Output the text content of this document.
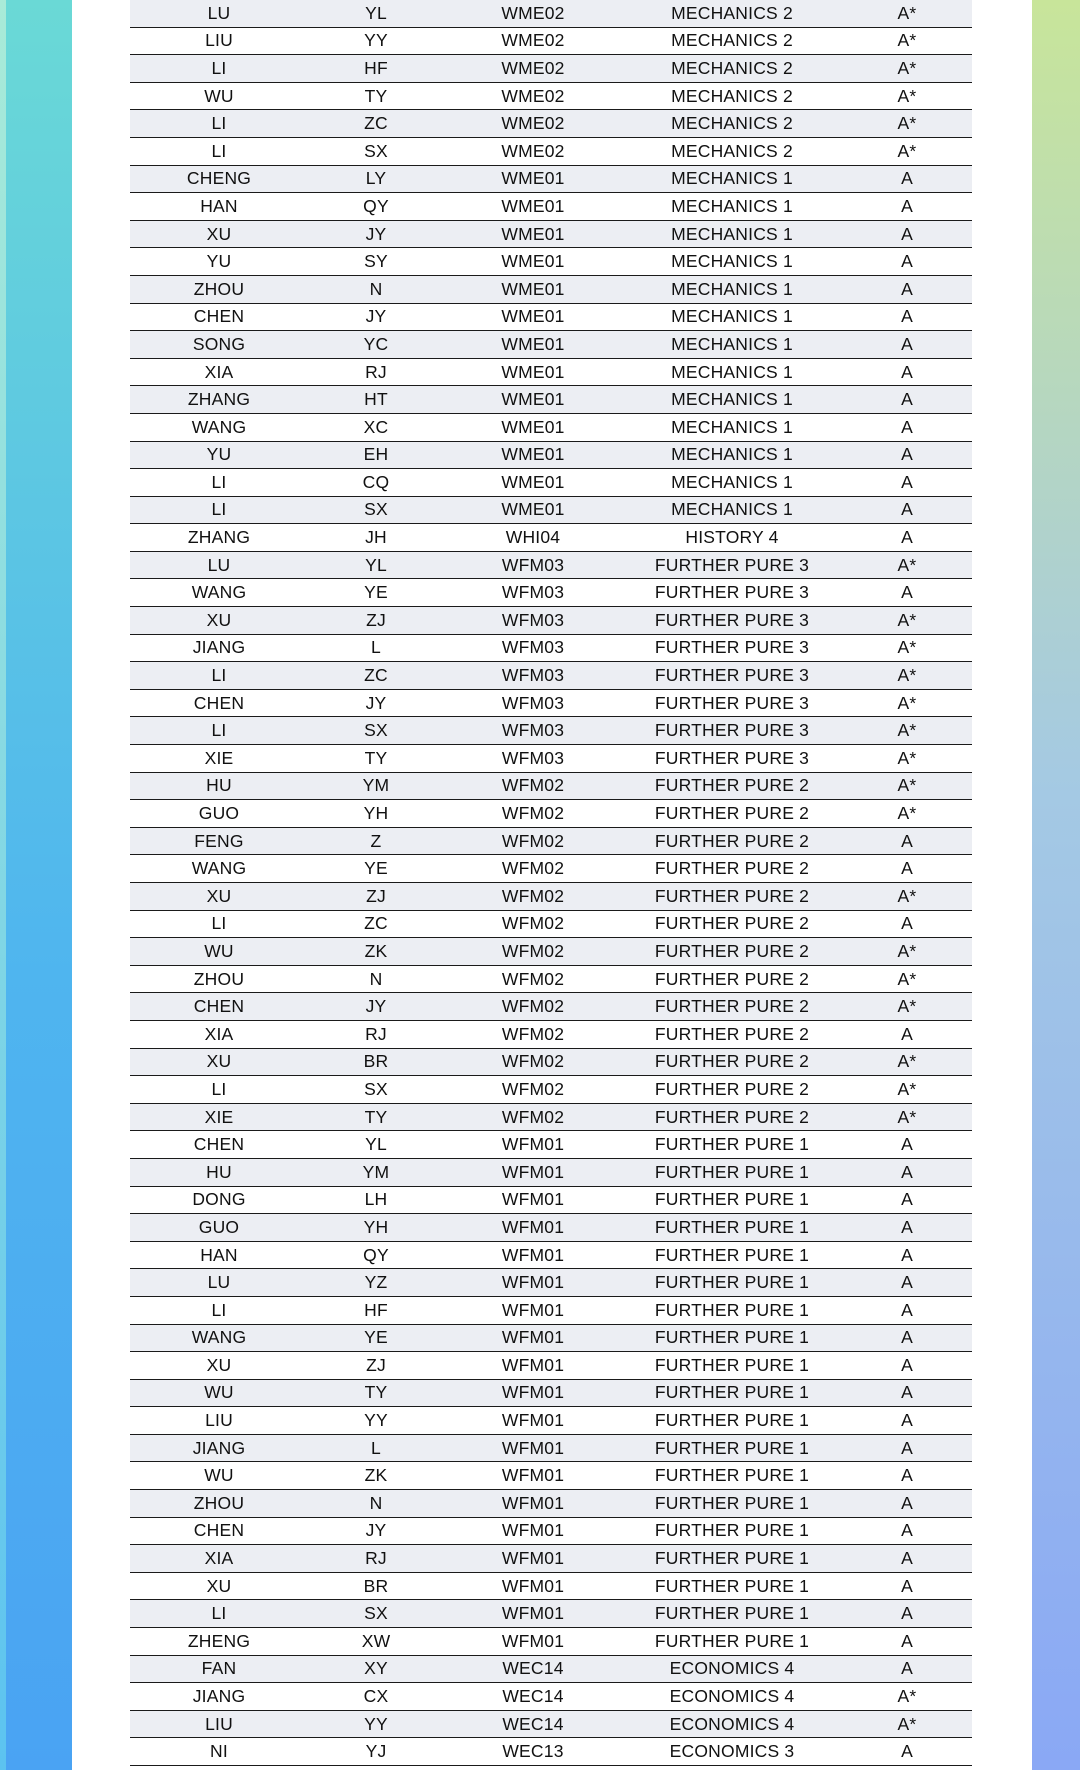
LU	YL	WME02	MECHANICS 2	A*
LIU	YY	WME02	MECHANICS 2	A*
LI	HF	WME02	MECHANICS 2	A*
WU	TY	WME02	MECHANICS 2	A*
LI	ZC	WME02	MECHANICS 2	A*
LI	SX	WME02	MECHANICS 2	A*
CHENG	LY	WME01	MECHANICS 1	A
HAN	QY	WME01	MECHANICS 1	A
XU	JY	WME01	MECHANICS 1	A
YU	SY	WME01	MECHANICS 1	A
ZHOU	N	WME01	MECHANICS 1	A
CHEN	JY	WME01	MECHANICS 1	A
SONG	YC	WME01	MECHANICS 1	A
XIA	RJ	WME01	MECHANICS 1	A
ZHANG	HT	WME01	MECHANICS 1	A
WANG	XC	WME01	MECHANICS 1	A
YU	EH	WME01	MECHANICS 1	A
LI	CQ	WME01	MECHANICS 1	A
LI	SX	WME01	MECHANICS 1	A
ZHANG	JH	WHI04	HISTORY 4	A
LU	YL	WFM03	FURTHER PURE 3	A*
WANG	YE	WFM03	FURTHER PURE 3	A
XU	ZJ	WFM03	FURTHER PURE 3	A*
JIANG	L	WFM03	FURTHER PURE 3	A*
LI	ZC	WFM03	FURTHER PURE 3	A*
CHEN	JY	WFM03	FURTHER PURE 3	A*
LI	SX	WFM03	FURTHER PURE 3	A*
XIE	TY	WFM03	FURTHER PURE 3	A*
HU	YM	WFM02	FURTHER PURE 2	A*
GUO	YH	WFM02	FURTHER PURE 2	A*
FENG	Z	WFM02	FURTHER PURE 2	A
WANG	YE	WFM02	FURTHER PURE 2	A
XU	ZJ	WFM02	FURTHER PURE 2	A*
LI	ZC	WFM02	FURTHER PURE 2	A
WU	ZK	WFM02	FURTHER PURE 2	A*
ZHOU	N	WFM02	FURTHER PURE 2	A*
CHEN	JY	WFM02	FURTHER PURE 2	A*
XIA	RJ	WFM02	FURTHER PURE 2	A
XU	BR	WFM02	FURTHER PURE 2	A*
LI	SX	WFM02	FURTHER PURE 2	A*
XIE	TY	WFM02	FURTHER PURE 2	A*
CHEN	YL	WFM01	FURTHER PURE 1	A
HU	YM	WFM01	FURTHER PURE 1	A
DONG	LH	WFM01	FURTHER PURE 1	A
GUO	YH	WFM01	FURTHER PURE 1	A
HAN	QY	WFM01	FURTHER PURE 1	A
LU	YZ	WFM01	FURTHER PURE 1	A
LI	HF	WFM01	FURTHER PURE 1	A
WANG	YE	WFM01	FURTHER PURE 1	A
XU	ZJ	WFM01	FURTHER PURE 1	A
WU	TY	WFM01	FURTHER PURE 1	A
LIU	YY	WFM01	FURTHER PURE 1	A
JIANG	L	WFM01	FURTHER PURE 1	A
WU	ZK	WFM01	FURTHER PURE 1	A
ZHOU	N	WFM01	FURTHER PURE 1	A
CHEN	JY	WFM01	FURTHER PURE 1	A
XIA	RJ	WFM01	FURTHER PURE 1	A
XU	BR	WFM01	FURTHER PURE 1	A
LI	SX	WFM01	FURTHER PURE 1	A
ZHENG	XW	WFM01	FURTHER PURE 1	A
FAN	XY	WEC14	ECONOMICS 4	A
JIANG	CX	WEC14	ECONOMICS 4	A*
LIU	YY	WEC14	ECONOMICS 4	A*
NI	YJ	WEC13	ECONOMICS 3	A
